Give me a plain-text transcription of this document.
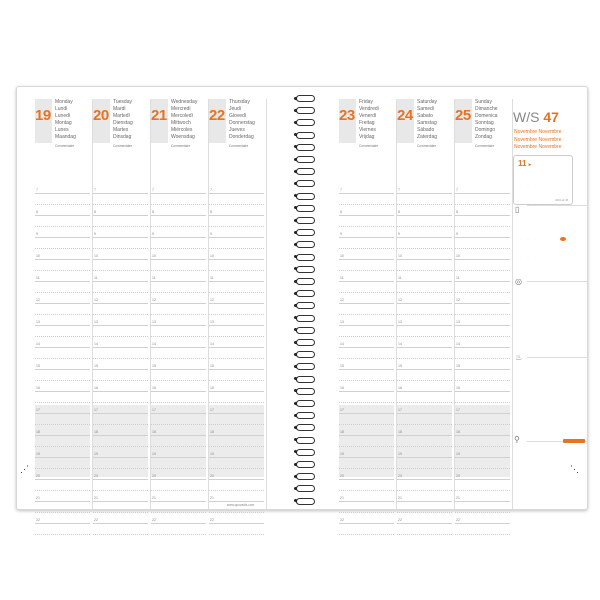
19
Monday
Lundi
Lunedì
Montag
Lunes
Maandag
Commentaire
7
8
9
10
11
12
13
14
15
16
17
18
19
20
21
22
20
Tuesday
Mardi
Martedì
Dienstag
Martes
Dinsdag
Commentaire
7
8
9
10
11
12
13
14
15
16
17
18
19
20
21
22
21
Wednesday
Mercredi
Mercoledì
Mittwoch
Miércoles
Woensdag
Commentaire
7
8
9
10
11
12
13
14
15
16
17
18
19
20
21
22
22
Thursday
Jeudi
Giovedì
Donnerstag
Jueves
Donderdag
Commentaire
7
8
9
10
11
12
13
14
15
16
17
18
19
20
21
22
W/S 47
Novembre Novembre
Novembre Novembre
Novembre Novembre
11 ▸
· · · · · · ·· · · · · · ·· · · · · · ·· · · · · · ·· · · · · · ·
2019 wk 48
▯
◎
♨
⚲
23
Friday
Vendredi
Venerdì
Freitag
Viernes
Vrijdag
Commentaire
7
8
9
10
11
12
13
14
15
16
17
18
19
20
21
22
24
Saturday
Samedi
Sabato
Samstag
Sábado
Zaterdag
Commentaire
7
8
9
10
11
12
13
14
15
16
17
18
19
20
21
22
25
Sunday
Dimanche
Domenica
Sonntag
Domingo
Zondag
Commentaire
7
8
9
10
11
12
13
14
15
16
17
18
19
20
21
22
www.quovadis.com
⋰	⋱
